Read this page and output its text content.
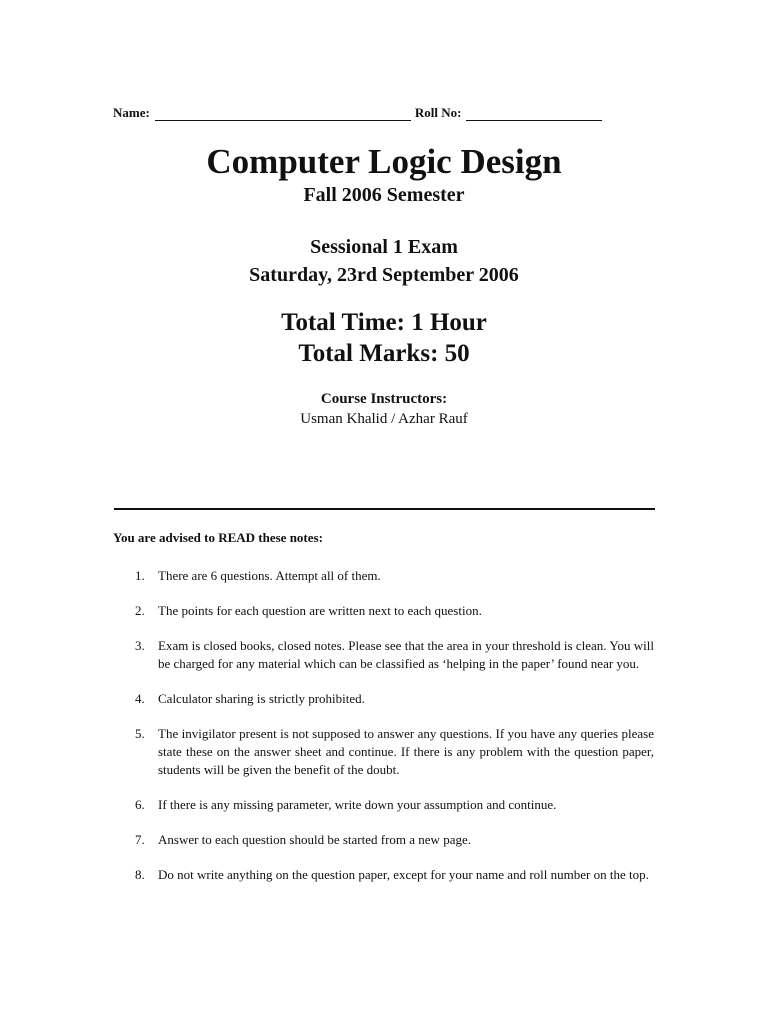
Name:	Roll No:
Computer Logic Design
Fall 2006 Semester
Sessional 1 Exam
Saturday, 23rd September 2006
Total Time: 1 Hour
Total Marks: 50
Course Instructors:
Usman Khalid / Azhar Rauf
You are advised to READ these notes:
1.	There are 6 questions. Attempt all of them.
2.	The points for each question are written next to each question.
3.	Exam is closed books, closed notes. Please see that the area in your threshold is clean. You will be charged for any material which can be classified as ‘helping in the paper’ found near you.
4.	Calculator sharing is strictly prohibited.
5.	The invigilator present is not supposed to answer any questions. If you have any queries please state these on the answer sheet and continue. If there is any problem with the question paper, students will be given the benefit of the doubt.
6.	If there is any missing parameter, write down your assumption and continue.
7.	Answer to each question should be started from a new page.
8.	Do not write anything on the question paper, except for your name and roll number on the top.
